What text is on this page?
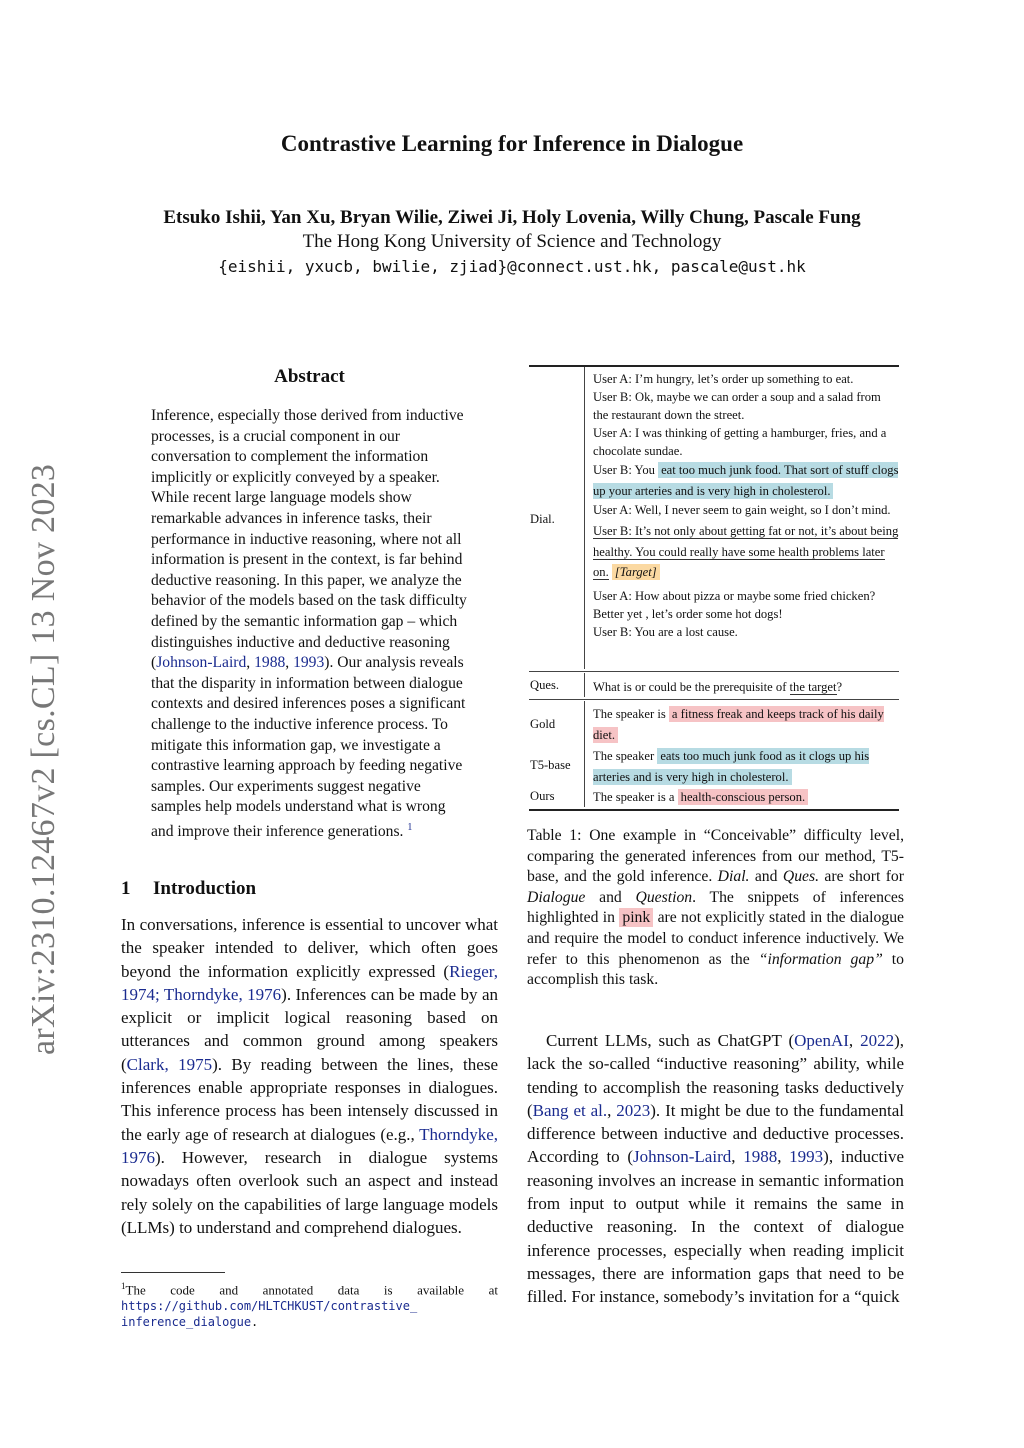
Contrastive Learning for Inference in Dialogue
Etsuko Ishii, Yan Xu, Bryan Wilie, Ziwei Ji, Holy Lovenia, Willy Chung, Pascale Fung
The Hong Kong University of Science and Technology
{eishii, yxucb, bwilie, zjiad}@connect.ust.hk, pascale@ust.hk
arXiv:2310.12467v2 [cs.CL] 13 Nov 2023
Abstract
Inference, especially those derived from inductive processes, is a crucial component in our conversation to complement the information implicitly or explicitly conveyed by a speaker. While recent large language models show remarkable advances in inference tasks, their performance in inductive reasoning, where not all information is present in the context, is far behind deductive reasoning. In this paper, we analyze the behavior of the models based on the task difficulty defined by the semantic information gap – which distinguishes inductive and deductive reasoning (Johnson-Laird, 1988, 1993). Our analysis reveals that the disparity in information between dialogue contexts and desired inferences poses a significant challenge to the inductive inference process. To mitigate this information gap, we investigate a contrastive learning approach by feeding negative samples. Our experiments suggest negative samples help models understand what is wrong and improve their inference generations. $^1$
1 Introduction
In conversations, inference is essential to uncover what the speaker intended to deliver, which often goes beyond the information explicitly expressed (Rieger, 1974; Thorndyke, 1976). Inferences can be made by an explicit or implicit logical reasoning based on utterances and common ground among speakers (Clark, 1975). By reading between the lines, these inferences enable appropriate responses in dialogues. This inference process has been intensely discussed in the early age of research at dialogues (e.g., Thorndyke, 1976). However, research in dialogue systems nowadays often overlook such an aspect and instead rely solely on the capabilities of large language models (LLMs) to understand and comprehend dialogues.
$^1$The code and annotated data is available at
https://github.com/HLTCHKUST/contrastive_
inference_dialogue.
Dial.
User A: I’m hungry, let’s order up something to eat.
User B: Ok, maybe we can order a soup and a salad from the restaurant down the street.
User A: I was thinking of getting a hamburger, fries, and a chocolate sundae.
User B: You eat too much junk food. That sort of stuff clogs up your arteries and is very high in cholesterol.
User A: Well, I never seem to gain weight, so I don’t mind.
User B: It’s not only about getting fat or not, it’s about being healthy. You could really have some health problems later on. [Target]
User A: How about pizza or maybe some fried chicken? Better yet , let’s order some hot dogs!
User B: You are a lost cause.
Ques.	What is or could be the prerequisite of the target?
Gold
The speaker is a fitness freak and keeps track of his daily diet.
T5-base
The speaker eats too much junk food as it clogs up his arteries and is very high in cholesterol.
Ours	The speaker is a health-conscious person.
Table 1: One example in “Conceivable” difficulty level, comparing the generated inferences from our method, T5-base, and the gold inference. Dial. and Ques. are short for Dialogue and Question. The snippets of inferences highlighted in pink are not explicitly stated in the dialogue and require the model to conduct inference inductively. We refer to this phenomenon as the “information gap” to accomplish this task.
Current LLMs, such as ChatGPT (OpenAI, 2022), lack the so-called “inductive reasoning” ability, while tending to accomplish the reasoning tasks deductively (Bang et al., 2023). It might be due to the fundamental difference between inductive and deductive processes. According to (Johnson-Laird, 1988, 1993), inductive reasoning involves an increase in semantic information from input to output while it remains the same in deductive reasoning. In the context of dialogue inference processes, especially when reading implicit messages, there are information gaps that need to be filled. For instance, somebody’s invitation for a “quick
